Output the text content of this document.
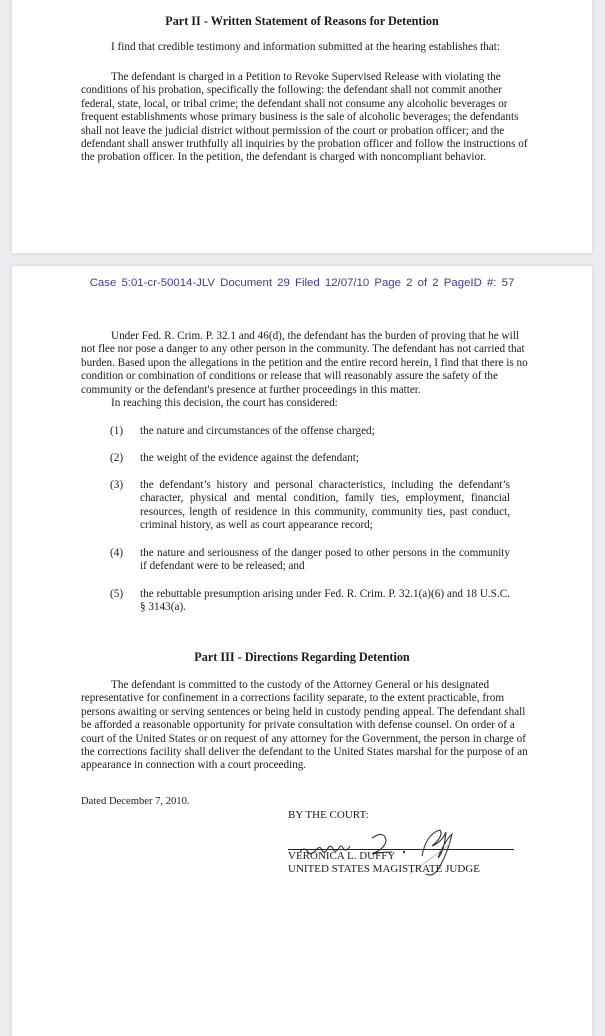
Part II - Written Statement of Reasons for Detention

I find that credible testimony and information submitted at the hearing establishes that:

The defendant is charged in a Petition to Revoke Supervised Release with violating the conditions of his probation, specifically the following: the defendant shall not commit another federal, state, local, or tribal crime; the defendant shall not consume any alcoholic beverages or frequent establishments whose primary business is the sale of alcoholic beverages; the defendants shall not leave the judicial district without permission of the court or probation officer; and the defendant shall answer truthfully all inquiries by the probation officer and follow the instructions of the probation officer. In the petition, the defendant is charged with noncompliant behavior.

Case 5:01-cr-50014-JLV Document 29 Filed 12/07/10 Page 2 of 2 PageID #: 57

Under Fed. R. Crim. P. 32.1 and 46(d), the defendant has the burden of proving that he will not flee nor pose a danger to any other person in the community. The defendant has not carried that burden. Based upon the allegations in the petition and the entire record herein, I find that there is no condition or combination of conditions or release that will reasonably assure the safety of the community or the defendant's presence at further proceedings in this matter.

In reaching this decision, the court has considered:

(1) the nature and circumstances of the offense charged;
(2) the weight of the evidence against the defendant;
(3) the defendant’s history and personal characteristics, including the defendant’s character, physical and mental condition, family ties, employment, financial resources, length of residence in this community, community ties, past conduct, criminal history, as well as court appearance record;
(4) the nature and seriousness of the danger posed to other persons in the community if defendant were to be released; and
(5) the rebuttable presumption arising under Fed. R. Crim. P. 32.1(a)(6) and 18 U.S.C. § 3143(a).
Part III - Directions Regarding Detention

The defendant is committed to the custody of the Attorney General or his designated representative for confinement in a corrections facility separate, to the extent practicable, from persons awaiting or serving sentences or being held in custody pending appeal. The defendant shall be afforded a reasonable opportunity for private consultation with defense counsel. On order of a court of the United States or on request of any attorney for the Government, the person in charge of the corrections facility shall deliver the defendant to the United States marshal for the purpose of an appearance in connection with a court proceeding.

Dated December 7, 2010.
BY THE COURT:
VERONICA L. DUFFY
UNITED STATES MAGISTRATE JUDGE
